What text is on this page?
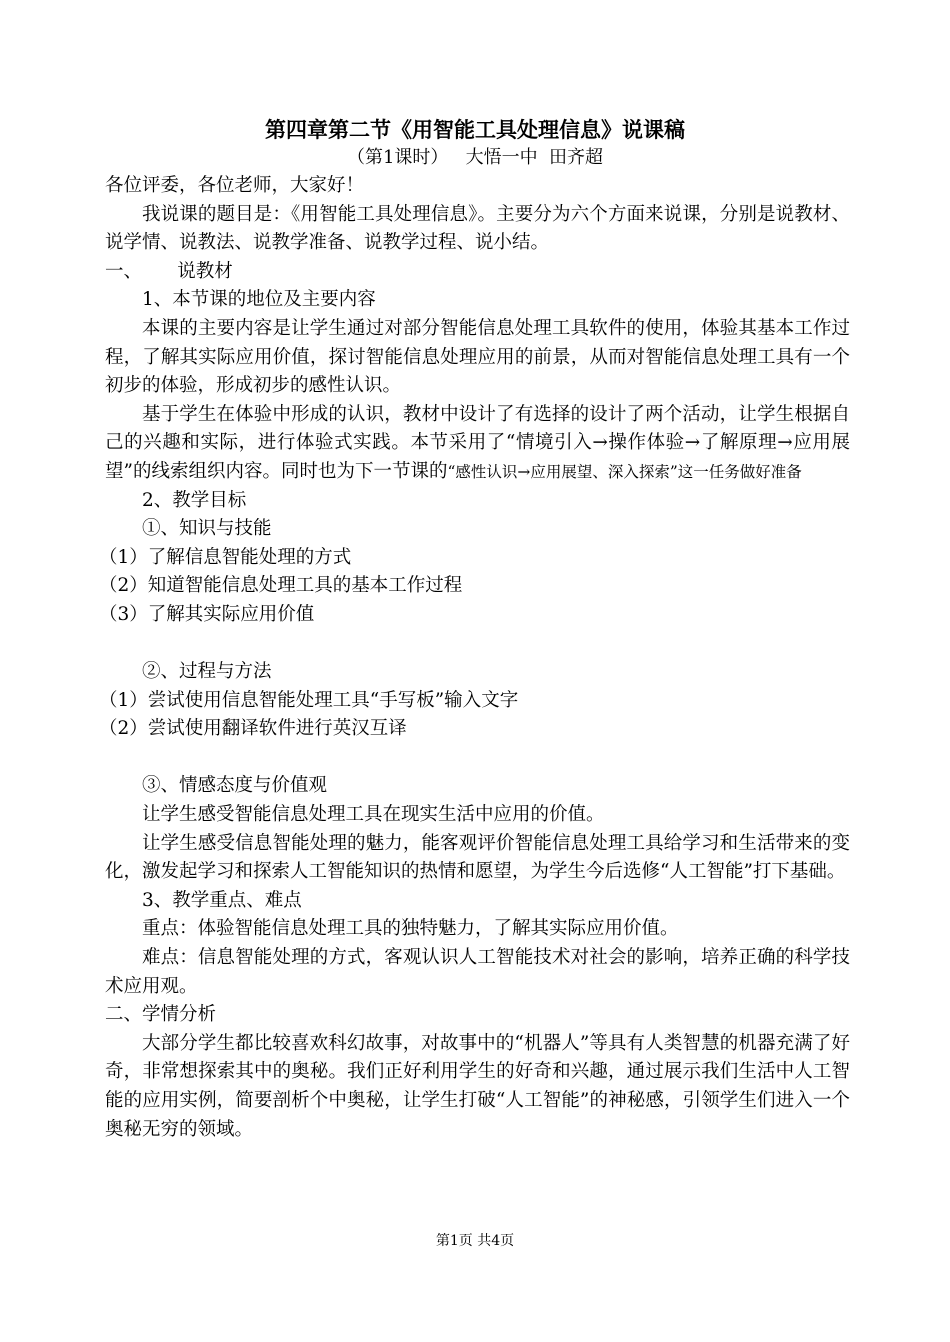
第四章第二节《用智能工具处理信息》说课稿
（第1课时）   大悟一中  田齐超

各位评委，各位老师，大家好！

我说课的题目是：《用智能工具处理信息》。主要分为六个方面来说课，分别是说教材、说学情、说教法、说教学准备、说教学过程、说小结。

一、      说教材

1、本节课的地位及主要内容

本课的主要内容是让学生通过对部分智能信息处理工具软件的使用，体验其基本工作过程，了解其实际应用价值，探讨智能信息处理应用的前景，从而对智能信息处理工具有一个初步的体验，形成初步的感性认识。

基于学生在体验中形成的认识，教材中设计了有选择的设计了两个活动，让学生根据自己的兴趣和实际，进行体验式实践。本节采用了“情境引入→操作体验→了解原理→应用展望”的线索组织内容。同时也为下一节课的“感性认识→应用展望、深入探索”这一任务做好准备

2、教学目标

①、知识与技能

（1）了解信息智能处理的方式

（2）知道智能信息处理工具的基本工作过程

（3）了解其实际应用价值

②、过程与方法

（1）尝试使用信息智能处理工具“手写板”输入文字

（2）尝试使用翻译软件进行英汉互译

③、情感态度与价值观

让学生感受智能信息处理工具在现实生活中应用的价值。

让学生感受信息智能处理的魅力，能客观评价智能信息处理工具给学习和生活带来的变化，激发起学习和探索人工智能知识的热情和愿望，为学生今后选修“人工智能”打下基础。

3、教学重点、难点

重点：体验智能信息处理工具的独特魅力，了解其实际应用价值。

难点：信息智能处理的方式，客观认识人工智能技术对社会的影响，培养正确的科学技术应用观。

二、学情分析

大部分学生都比较喜欢科幻故事，对故事中的“机器人”等具有人类智慧的机器充满了好奇，非常想探索其中的奥秘。我们正好利用学生的好奇和兴趣，通过展示我们生活中人工智能的应用实例，简要剖析个中奥秘，让学生打破“人工智能”的神秘感，引领学生们进入一个奥秘无穷的领域。

第1页 共4页
